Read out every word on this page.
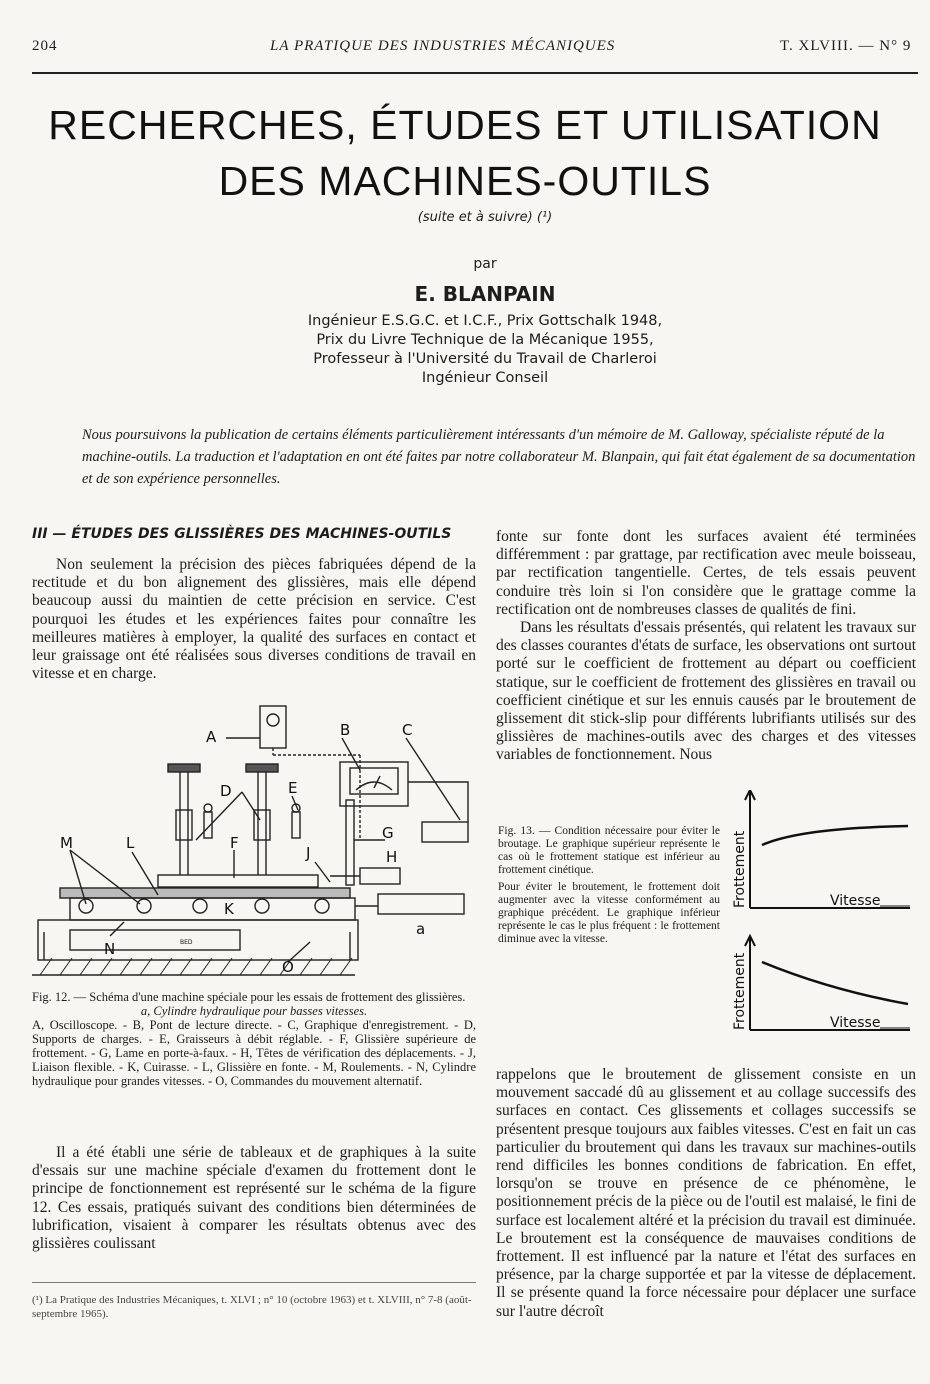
204	LA PRATIQUE DES INDUSTRIES MÉCANIQUES	T. XLVIII. — N° 9
RECHERCHES, ÉTUDES ET UTILISATION
DES MACHINES-OUTILS
(suite et à suivre) (¹)
par
E. BLANPAIN
Ingénieur E.S.G.C. et I.C.F., Prix Gottschalk 1948,
Prix du Livre Technique de la Mécanique 1955,
Professeur à l'Université du Travail de Charleroi
Ingénieur Conseil
Nous poursuivons la publication de certains éléments particulièrement intéressants d'un mémoire de M. Galloway, spécialiste réputé de la machine-outils. La traduction et l'adaptation en ont été faites par notre collaborateur M. Blanpain, qui fait état également de sa documentation et de son expérience personnelles.
III — ÉTUDES DES GLISSIÈRES DES MACHINES-OUTILS

Non seulement la précision des pièces fabriquées dépend de la rectitude et du bon alignement des glissières, mais elle dépend beaucoup aussi du maintien de cette précision en service. C'est pourquoi les études et les expériences faites pour connaître les meilleures matières à employer, la qualité des surfaces en contact et leur graissage ont été réalisées sous diverses conditions de travail en vitesse et en charge.

A	B	C
D	E
F
G
H
J
K
L
M
N
O
a
BED
Fig. 12. — Schéma d'une machine spéciale pour les essais de frottement des glissières.
a, Cylindre hydraulique pour basses vitesses.
A, Oscilloscope. - B, Pont de lecture directe. - C, Graphique d'enregistrement. - D, Supports de charges. - E, Graisseurs à débit réglable. - F, Glissière supérieure de frottement. - G, Lame en porte-à-faux. - H, Têtes de vérification des déplacements. - J, Liaison flexible. - K, Cuirasse. - L, Glissière en fonte. - M, Roulements. - N, Cylindre hydraulique pour grandes vitesses. - O, Commandes du mouvement alternatif.

Il a été établi une série de tableaux et de graphiques à la suite d'essais sur une machine spéciale d'examen du frottement dont le principe de fonctionnement est représenté sur le schéma de la figure 12. Ces essais, pratiqués suivant des conditions bien déterminées de lubrification, visaient à comparer les résultats obtenus avec des glissières coulissant

(¹) La Pratique des Industries Mécaniques, t. XLVI ; n° 10 (octobre 1963) et t. XLVIII, n° 7-8 (août-septembre 1965).

fonte sur fonte dont les surfaces avaient été terminées différemment : par grattage, par rectification avec meule boisseau, par rectification tangentielle. Certes, de tels essais peuvent conduire très loin si l'on considère que le grattage comme la rectification ont de nombreuses classes de qualités de fini.

Dans les résultats d'essais présentés, qui relatent les travaux sur des classes courantes d'états de surface, les observations ont surtout porté sur le coefficient de frottement au départ ou coefficient statique, sur le coefficient de frottement des glissières en travail ou coefficient cinétique et sur les ennuis causés par le broutement de glissement dit stick-slip pour différents lubrifiants utilisés sur des glissières de machines-outils avec des charges et des vitesses variables de fonctionnement. Nous

Fig. 13. — Condition nécessaire pour éviter le broutage. Le graphique supérieur représente le cas où le frottement statique est inférieur au frottement cinétique.
Pour éviter le broutement, le frottement doit augmenter avec la vitesse conformément au graphique précédent. Le graphique inférieur représente le cas le plus fréquent : le frottement diminue avec la vitesse.
Frottement	Vitesse
Frottement	Vitesse

rappelons que le broutement de glissement consiste en un mouvement saccadé dû au glissement et au collage successifs des surfaces en contact. Ces glissements et collages successifs se présentent presque toujours aux faibles vitesses. C'est en fait un cas particulier du broutement qui dans les travaux sur machines-outils rend difficiles les bonnes conditions de fabrication. En effet, lorsqu'on se trouve en présence de ce phénomène, le positionnement précis de la pièce ou de l'outil est malaisé, le fini de surface est localement altéré et la précision du travail est diminuée. Le broutement est la conséquence de mauvaises conditions de frottement. Il est influencé par la nature et l'état des surfaces en présence, par la charge supportée et par la vitesse de déplacement. Il se présente quand la force nécessaire pour déplacer une surface sur l'autre décroît
